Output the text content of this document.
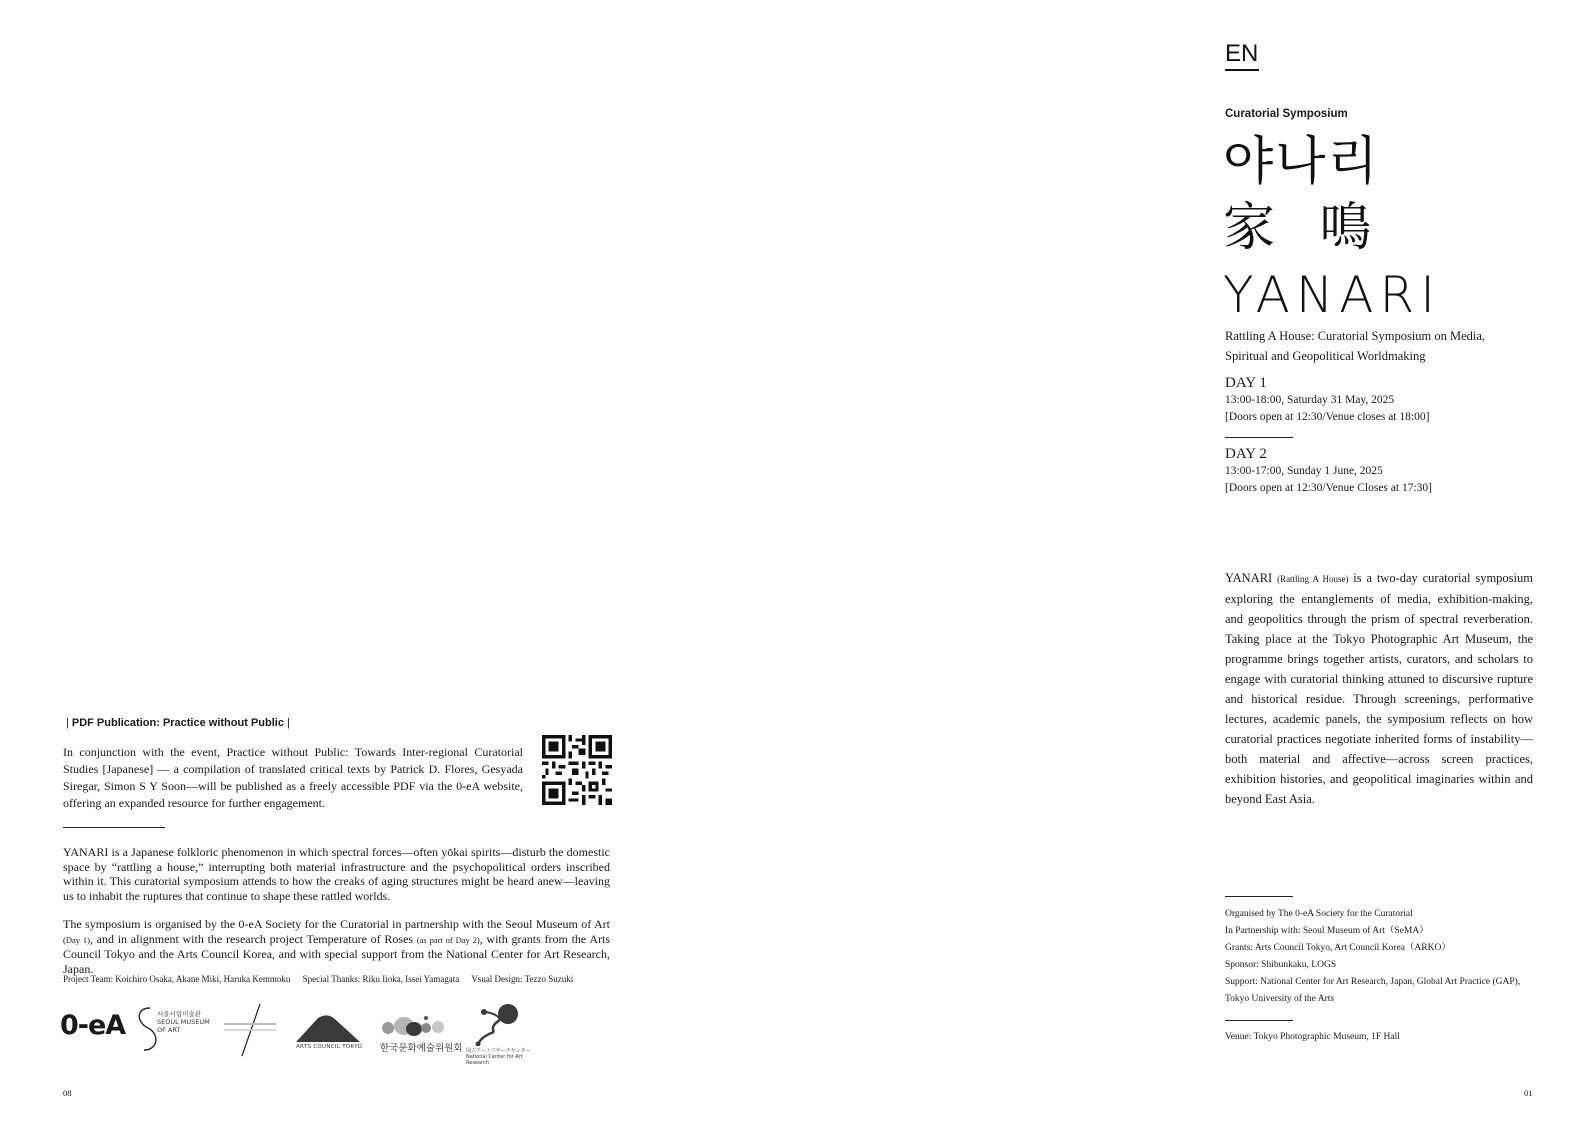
EN
Curatorial Symposium
야나리
家 鳴
YANARI
Rattling A House: Curatorial Symposium on Media,
Spiritual and Geopolitical Worldmaking
DAY 1
13:00-18:00, Saturday 31 May, 2025
[Doors open at 12:30/Venue closes at 18:00]
DAY 2
13:00-17:00, Sunday 1 June, 2025
[Doors open at 12:30/Venue Closes at 17:30]
YANARI (Rattling A House) is a two-day curatorial symposium exploring the entanglements of media, exhibition-making, and geopolitics through the prism of spectral reverberation. Taking place at the Tokyo Photographic Art Museum, the programme brings together artists, curators, and scholars to engage with curatorial thinking attuned to discursive rupture and historical residue. Through screenings, performative lectures, academic panels, the symposium reflects on how curatorial practices negotiate inherited forms of instability—both material and affective—across screen practices, exhibition histories, and geopolitical imaginaries within and beyond East Asia.
Organised by The 0-eA Society for the Curatorial
In Partnership with: Seoul Museum of Art（SeMA）
Grants: Arts Council Tokyo, Art Council Korea（ARKO）
Sponsor: Shibunkaku, LOGS
Support: National Center for Art Research, Japan, Global Art Practice (GAP),
Tokyo University of the Arts
Venue: Tokyo Photographic Museum, 1F Hall
01
| PDF Publication: Practice without Public |
In conjunction with the event, Practice without Public: Towards Inter-regional Curatorial Studies [Japanese] — a compilation of translated critical texts by Patrick D. Flores, Gesyada Siregar, Simon S Y Soon—will be published as a freely accessible PDF via the 0-eA website, offering an expanded resource for further engagement.
YANARI is a Japanese folkloric phenomenon in which spectral forces—often yōkai spirits—disturb the domestic space by “rattling a house,” interrupting both material infrastructure and the psychopolitical orders inscribed within it. This curatorial symposium attends to how the creaks of aging structures might be heard anew—leaving us to inhabit the ruptures that continue to shape these rattled worlds.
The symposium is organised by the 0-eA Society for the Curatorial in partnership with the Seoul Museum of Art (Day 1), and in alignment with the research project Temperature of Roses (as part of Day 2), with grants from the Arts Council Tokyo and the Arts Council Korea, and with special support from the National Center for Art Research, Japan.
Project Team: Koichiro Osaka, Akane Miki, Haruka Kemmoku Special Thanks: Riku Iioka, Issei Yamagata Vsual Design: Tezzo Suzuki
0-eA	서울시립미술관
SEOUL MUSEUM
OF ART
ARTS COUNCIL TOKYO 한국문화예술위원회 国立アートリサーチセンター
National Center for Art Research
08
